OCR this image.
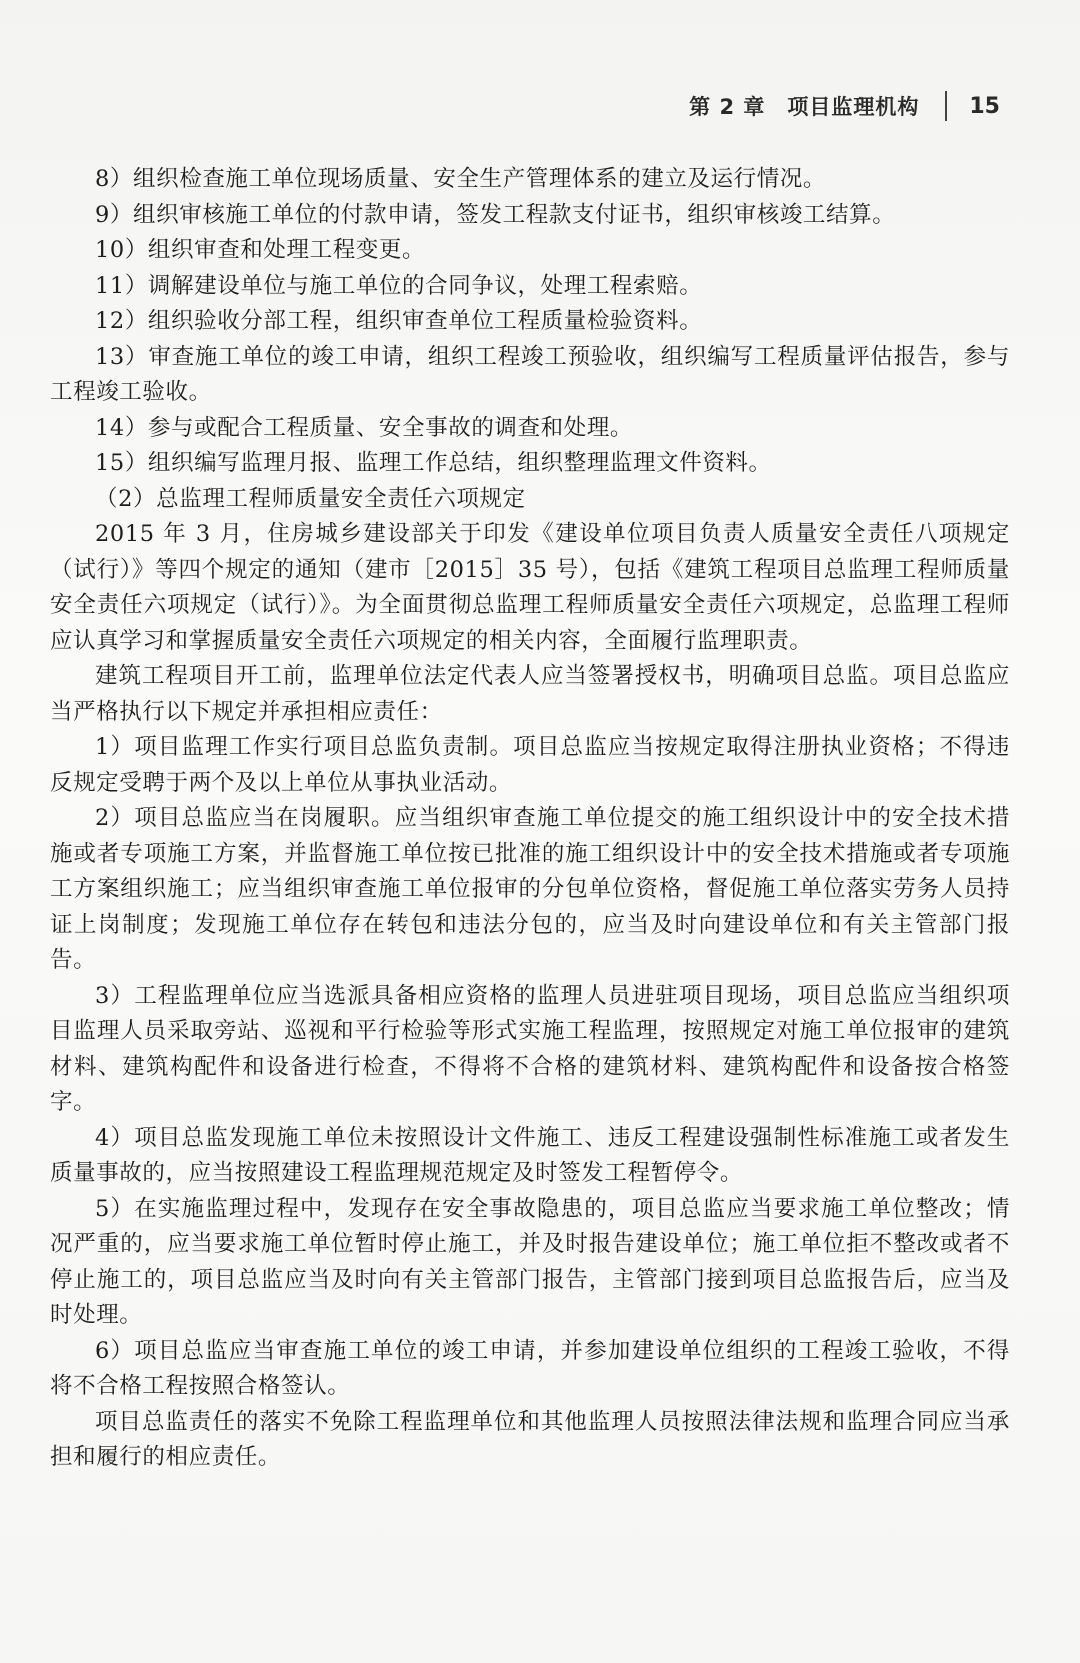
第 2 章 项目监理机构 15

8）组织检查施工单位现场质量、安全生产管理体系的建立及运行情况。

9）组织审核施工单位的付款申请，签发工程款支付证书，组织审核竣工结算。

10）组织审查和处理工程变更。

11）调解建设单位与施工单位的合同争议，处理工程索赔。

12）组织验收分部工程，组织审查单位工程质量检验资料。

13）审查施工单位的竣工申请，组织工程竣工预验收，组织编写工程质量评估报告，参与工程竣工验收。

14）参与或配合工程质量、安全事故的调查和处理。

15）组织编写监理月报、监理工作总结，组织整理监理文件资料。

（2）总监理工程师质量安全责任六项规定

2015 年 3 月，住房城乡建设部关于印发《建设单位项目负责人质量安全责任八项规定（试行）》等四个规定的通知（建市［2015］35 号），包括《建筑工程项目总监理工程师质量安全责任六项规定（试行）》。为全面贯彻总监理工程师质量安全责任六项规定，总监理工程师应认真学习和掌握质量安全责任六项规定的相关内容，全面履行监理职责。

建筑工程项目开工前，监理单位法定代表人应当签署授权书，明确项目总监。项目总监应当严格执行以下规定并承担相应责任：

1）项目监理工作实行项目总监负责制。项目总监应当按规定取得注册执业资格；不得违反规定受聘于两个及以上单位从事执业活动。

2）项目总监应当在岗履职。应当组织审查施工单位提交的施工组织设计中的安全技术措施或者专项施工方案，并监督施工单位按已批准的施工组织设计中的安全技术措施或者专项施工方案组织施工；应当组织审查施工单位报审的分包单位资格，督促施工单位落实劳务人员持证上岗制度；发现施工单位存在转包和违法分包的，应当及时向建设单位和有关主管部门报告。

3）工程监理单位应当选派具备相应资格的监理人员进驻项目现场，项目总监应当组织项目监理人员采取旁站、巡视和平行检验等形式实施工程监理，按照规定对施工单位报审的建筑材料、建筑构配件和设备进行检查，不得将不合格的建筑材料、建筑构配件和设备按合格签字。

4）项目总监发现施工单位未按照设计文件施工、违反工程建设强制性标准施工或者发生质量事故的，应当按照建设工程监理规范规定及时签发工程暂停令。

5）在实施监理过程中，发现存在安全事故隐患的，项目总监应当要求施工单位整改；情况严重的，应当要求施工单位暂时停止施工，并及时报告建设单位；施工单位拒不整改或者不停止施工的，项目总监应当及时向有关主管部门报告，主管部门接到项目总监报告后，应当及时处理。

6）项目总监应当审查施工单位的竣工申请，并参加建设单位组织的工程竣工验收，不得将不合格工程按照合格签认。

项目总监责任的落实不免除工程监理单位和其他监理人员按照法律法规和监理合同应当承担和履行的相应责任。
